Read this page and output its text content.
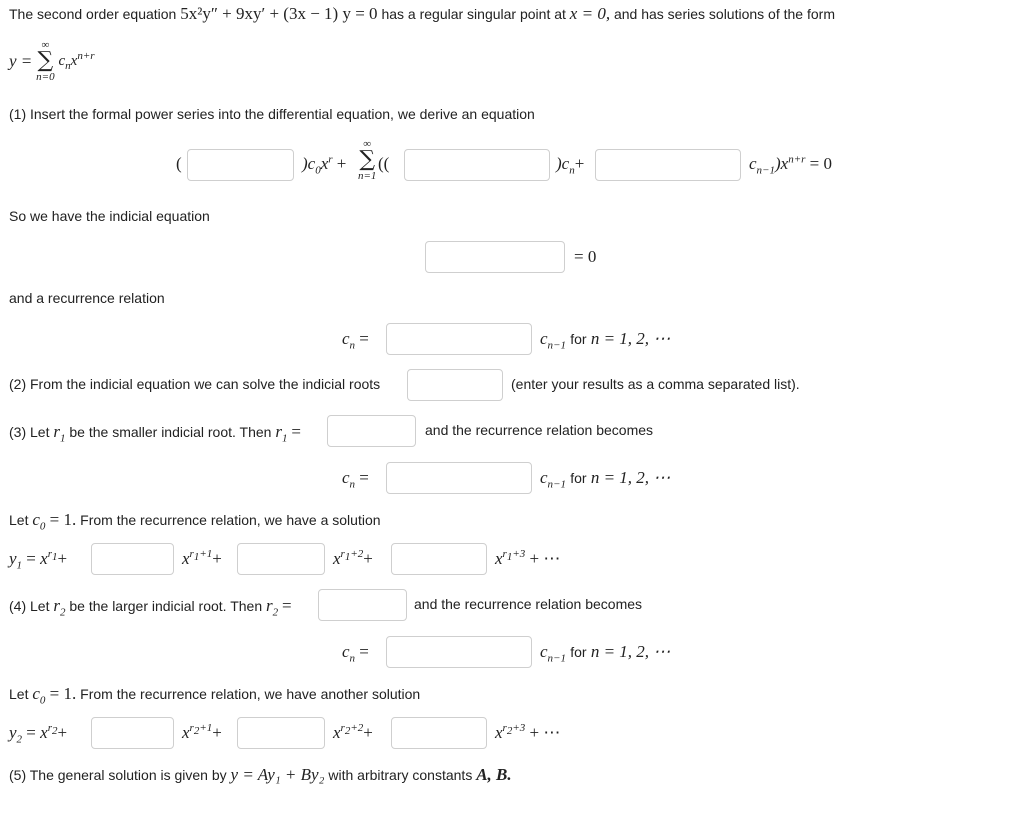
The second order equation 5x²y″ + 9xy′ + (3x − 1) y = 0 has a regular singular point at x = 0, and has series solutions of the form
y =
∞
∑
n=0
$c_nx^{n+r}$
(1) Insert the formal power series into the differential equation, we derive an equation
(	)$c_0x^r$ +
∞
∑
n=1
((	)$c_n+$	$c_{n-1})x^{n+r} = 0$
So we have the indicial equation
= 0
and a recurrence relation
$c_n$ =	$c_{n-1}$ for n = 1, 2, ⋯
(2) From the indicial equation we can solve the indicial roots	(enter your results as a comma separated list).
(3) Let $r_1$ be the smaller indicial root. Then $r_1$ =	and the recurrence relation becomes
$c_n$ =	$c_{n-1}$ for n = 1, 2, ⋯
Let $c_0 = 1$. From the recurrence relation, we have a solution
$y_1 = x^{r_1}+$	$x^{r_1+1}+$	$x^{r_1+2}+$	$x^{r_1+3}$ + ⋯
(4) Let $r_2$ be the larger indicial root. Then $r_2$ =	and the recurrence relation becomes
$c_n$ =	$c_{n-1}$ for n = 1, 2, ⋯
Let $c_0 = 1$. From the recurrence relation, we have another solution
$y_2 = x^{r_2}+$	$x^{r_2+1}+$	$x^{r_2+2}+$	$x^{r_2+3}$ + ⋯
(5) The general solution is given by y = Ay₁ + By₂ with arbitrary constants A, B.
